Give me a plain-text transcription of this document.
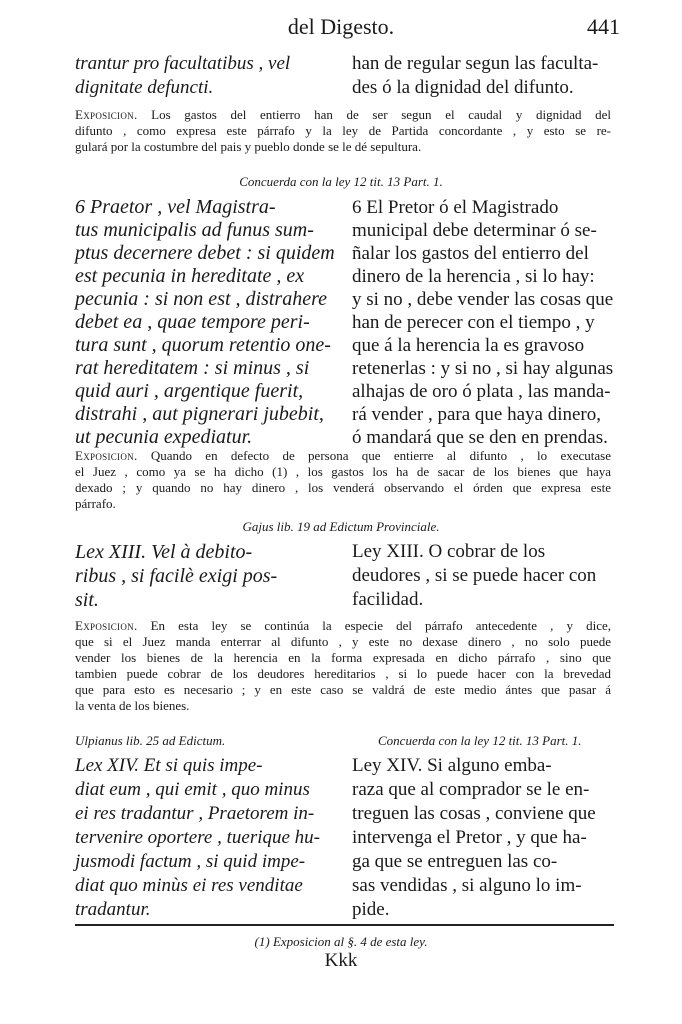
del Digesto.	441
trantur pro facultatibus , vel
dignitate defuncti.
han de regular segun las faculta-
des ó la dignidad del difunto.
Exposicion. Los gastos del entierro han de ser segun el caudal y dignidad del
difunto , como expresa este párrafo y la ley de Partida concordante , y esto se re-
gulará por la costumbre del pais y pueblo donde se le dé sepultura.
Concuerda con la ley 12 tit. 13 Part. 1.
6 Praetor , vel Magistra-
tus municipalis ad funus sum-
ptus decernere debet : si quidem
est pecunia in hereditate , ex
pecunia : si non est , distrahere
debet ea , quae tempore peri-
tura sunt , quorum retentio one-
rat hereditatem : si minus , si
quid auri , argentique fuerit,
distrahi , aut pignerari jubebit,
ut pecunia expediatur.
6 El Pretor ó el Magistrado
municipal debe determinar ó se-
ñalar los gastos del entierro del
dinero de la herencia , si lo hay:
y si no , debe vender las cosas que
han de perecer con el tiempo , y
que á la herencia la es gravoso
retenerlas : y si no , si hay algunas
alhajas de oro ó plata , las manda-
rá vender , para que haya dinero,
ó mandará que se den en prendas.
Exposicion. Quando en defecto de persona que entierre al difunto , lo executase
el Juez , como ya se ha dicho (1) , los gastos los ha de sacar de los bienes que haya
dexado ; y quando no hay dinero , los venderá observando el órden que expresa este
párrafo.
Gajus lib. 19 ad Edictum Provinciale.
Lex XIII. Vel à debito-
ribus , si facilè exigi pos-
sit.
Ley XIII. O cobrar de los
deudores , si se puede hacer con
facilidad.
Exposicion. En esta ley se continúa la especie del párrafo antecedente , y dice,
que si el Juez manda enterrar al difunto , y este no dexase dinero , no solo puede
vender los bienes de la herencia en la forma expresada en dicho párrafo , sino que
tambien puede cobrar de los deudores hereditarios , si lo puede hacer con la brevedad
que para esto es necesario ; y en este caso se valdrá de este medio ántes que pasar á
la venta de los bienes.
Ulpianus lib. 25 ad Edictum.	Concuerda con la ley 12 tit. 13 Part. 1.
Lex XIV. Et si quis impe-
diat eum , qui emit , quo minus
ei res tradantur , Praetorem in-
tervenire oportere , tuerique hu-
jusmodi factum , si quid impe-
diat quo minùs ei res venditae
tradantur.
Ley XIV. Si alguno emba-
raza que al comprador se le en-
treguen las cosas , conviene que
intervenga el Pretor , y que ha-
ga que se entreguen las co-
sas vendidas , si alguno lo im-
pide.
(1) Exposicion al §. 4 de esta ley.
Kkk
